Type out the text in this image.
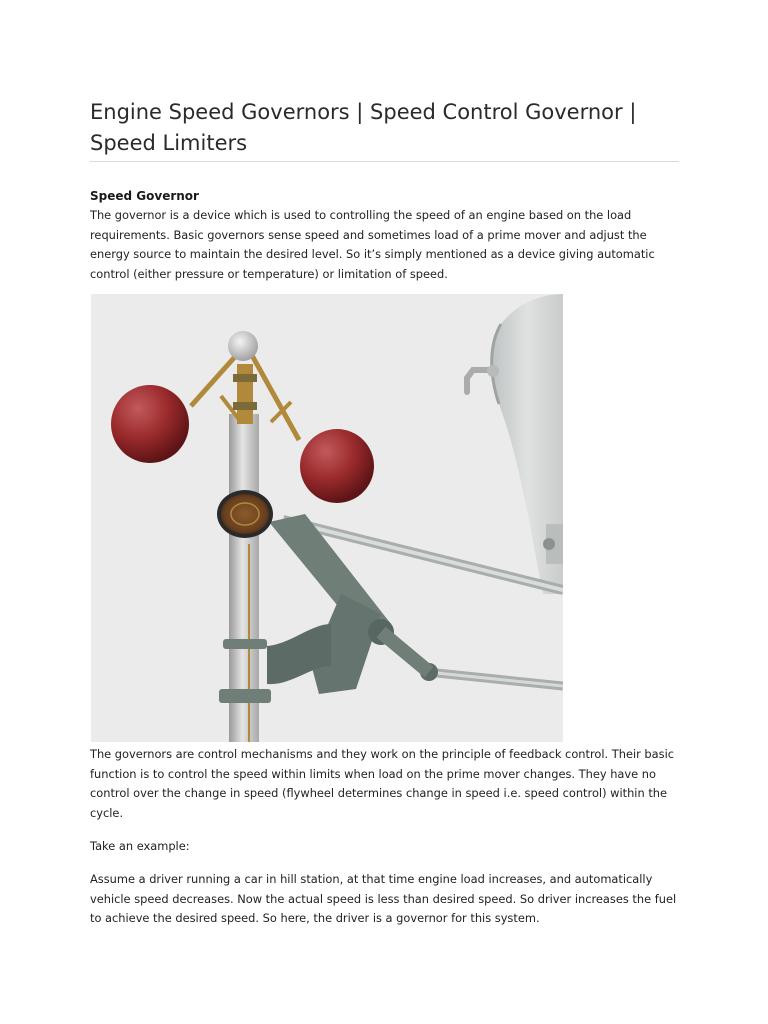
Engine Speed Governors | Speed Control Governor | Speed Limiters
Speed Governor

The governor is a device which is used to controlling the speed of an engine based on the load requirements. Basic governors sense speed and sometimes load of a prime mover and adjust the energy source to maintain the desired level. So it’s simply mentioned as a device giving automatic control (either pressure or temperature) or limitation of speed.

The governors are control mechanisms and they work on the principle of feedback control. Their basic function is to control the speed within limits when load on the prime mover changes. They have no control over the change in speed (flywheel determines change in speed i.e. speed control) within the cycle.

Take an example:

Assume a driver running a car in hill station, at that time engine load increases, and automatically vehicle speed decreases. Now the actual speed is less than desired speed. So driver increases the fuel to achieve the desired speed. So here, the driver is a governor for this system.
